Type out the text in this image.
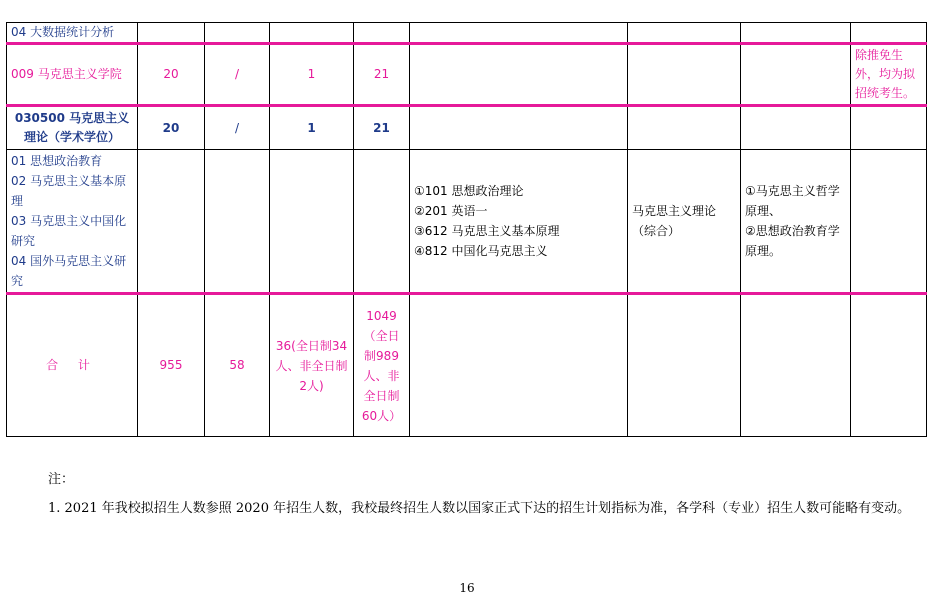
04 大数据统计分析								
009 马克思主义学院	20	/	1	21				除推免生外，均为拟招统考生。
030500 马克思主义理论（学术学位）	20	/	1	21				

01 思想政治教育
02 马克思主义基本原理
03 马克思主义中国化研究
04 国外马克思主义研究					①101 思想政治理论
②201 英语一
③612 马克思主义基本原理
④812 中国化马克思主义	马克思主义理论（综合）	①马克思主义哲学原理、
②思想政治教育学原理。	

合 计	955	58	36(全日制34人、非全日制2人)	1049（全日制989人、非全日制60人）				
注：
1. 2021 年我校拟招生人数参照 2020 年招生人数，我校最终招生人数以国家正式下达的招生计划指标为准，各学科（专业）招生人数可能略有变动。
16
